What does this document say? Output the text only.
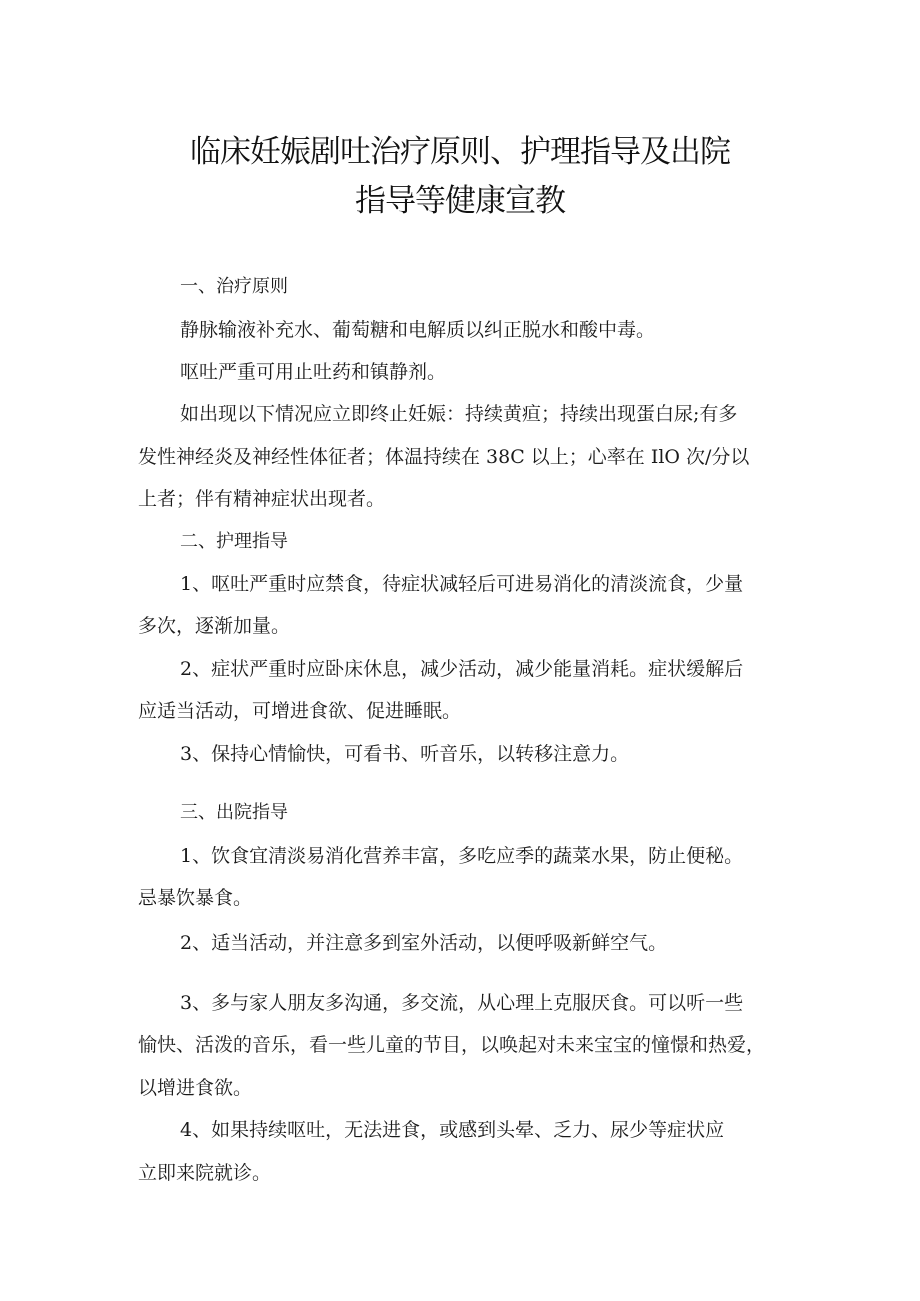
临床妊娠剧吐治疗原则、护理指导及出院
指导等健康宣教
一、治疗原则
静脉输液补充水、葡萄糖和电解质以纠正脱水和酸中毒。
呕吐严重可用止吐药和镇静剂。
如出现以下情况应立即终止妊娠：持续黄疸；持续出现蛋白尿;有多
发性神经炎及神经性体征者；体温持续在 38C 以上；心率在 IlO 次/分以
上者；伴有精神症状出现者。
二、护理指导
1、呕吐严重时应禁食，待症状减轻后可进易消化的清淡流食，少量
多次，逐渐加量。
2、症状严重时应卧床休息，减少活动，减少能量消耗。症状缓解后
应适当活动，可增进食欲、促进睡眠。
3、保持心情愉快，可看书、听音乐，以转移注意力。
三、出院指导
1、饮食宜清淡易消化营养丰富，多吃应季的蔬菜水果，防止便秘。
忌暴饮暴食。
2、适当活动，并注意多到室外活动，以便呼吸新鲜空气。
3、多与家人朋友多沟通，多交流，从心理上克服厌食。可以听一些
愉快、活泼的音乐，看一些儿童的节目，以唤起对未来宝宝的憧憬和热爱，
以增进食欲。
4、如果持续呕吐，无法进食，或感到头晕、乏力、尿少等症状应
立即来院就诊。
